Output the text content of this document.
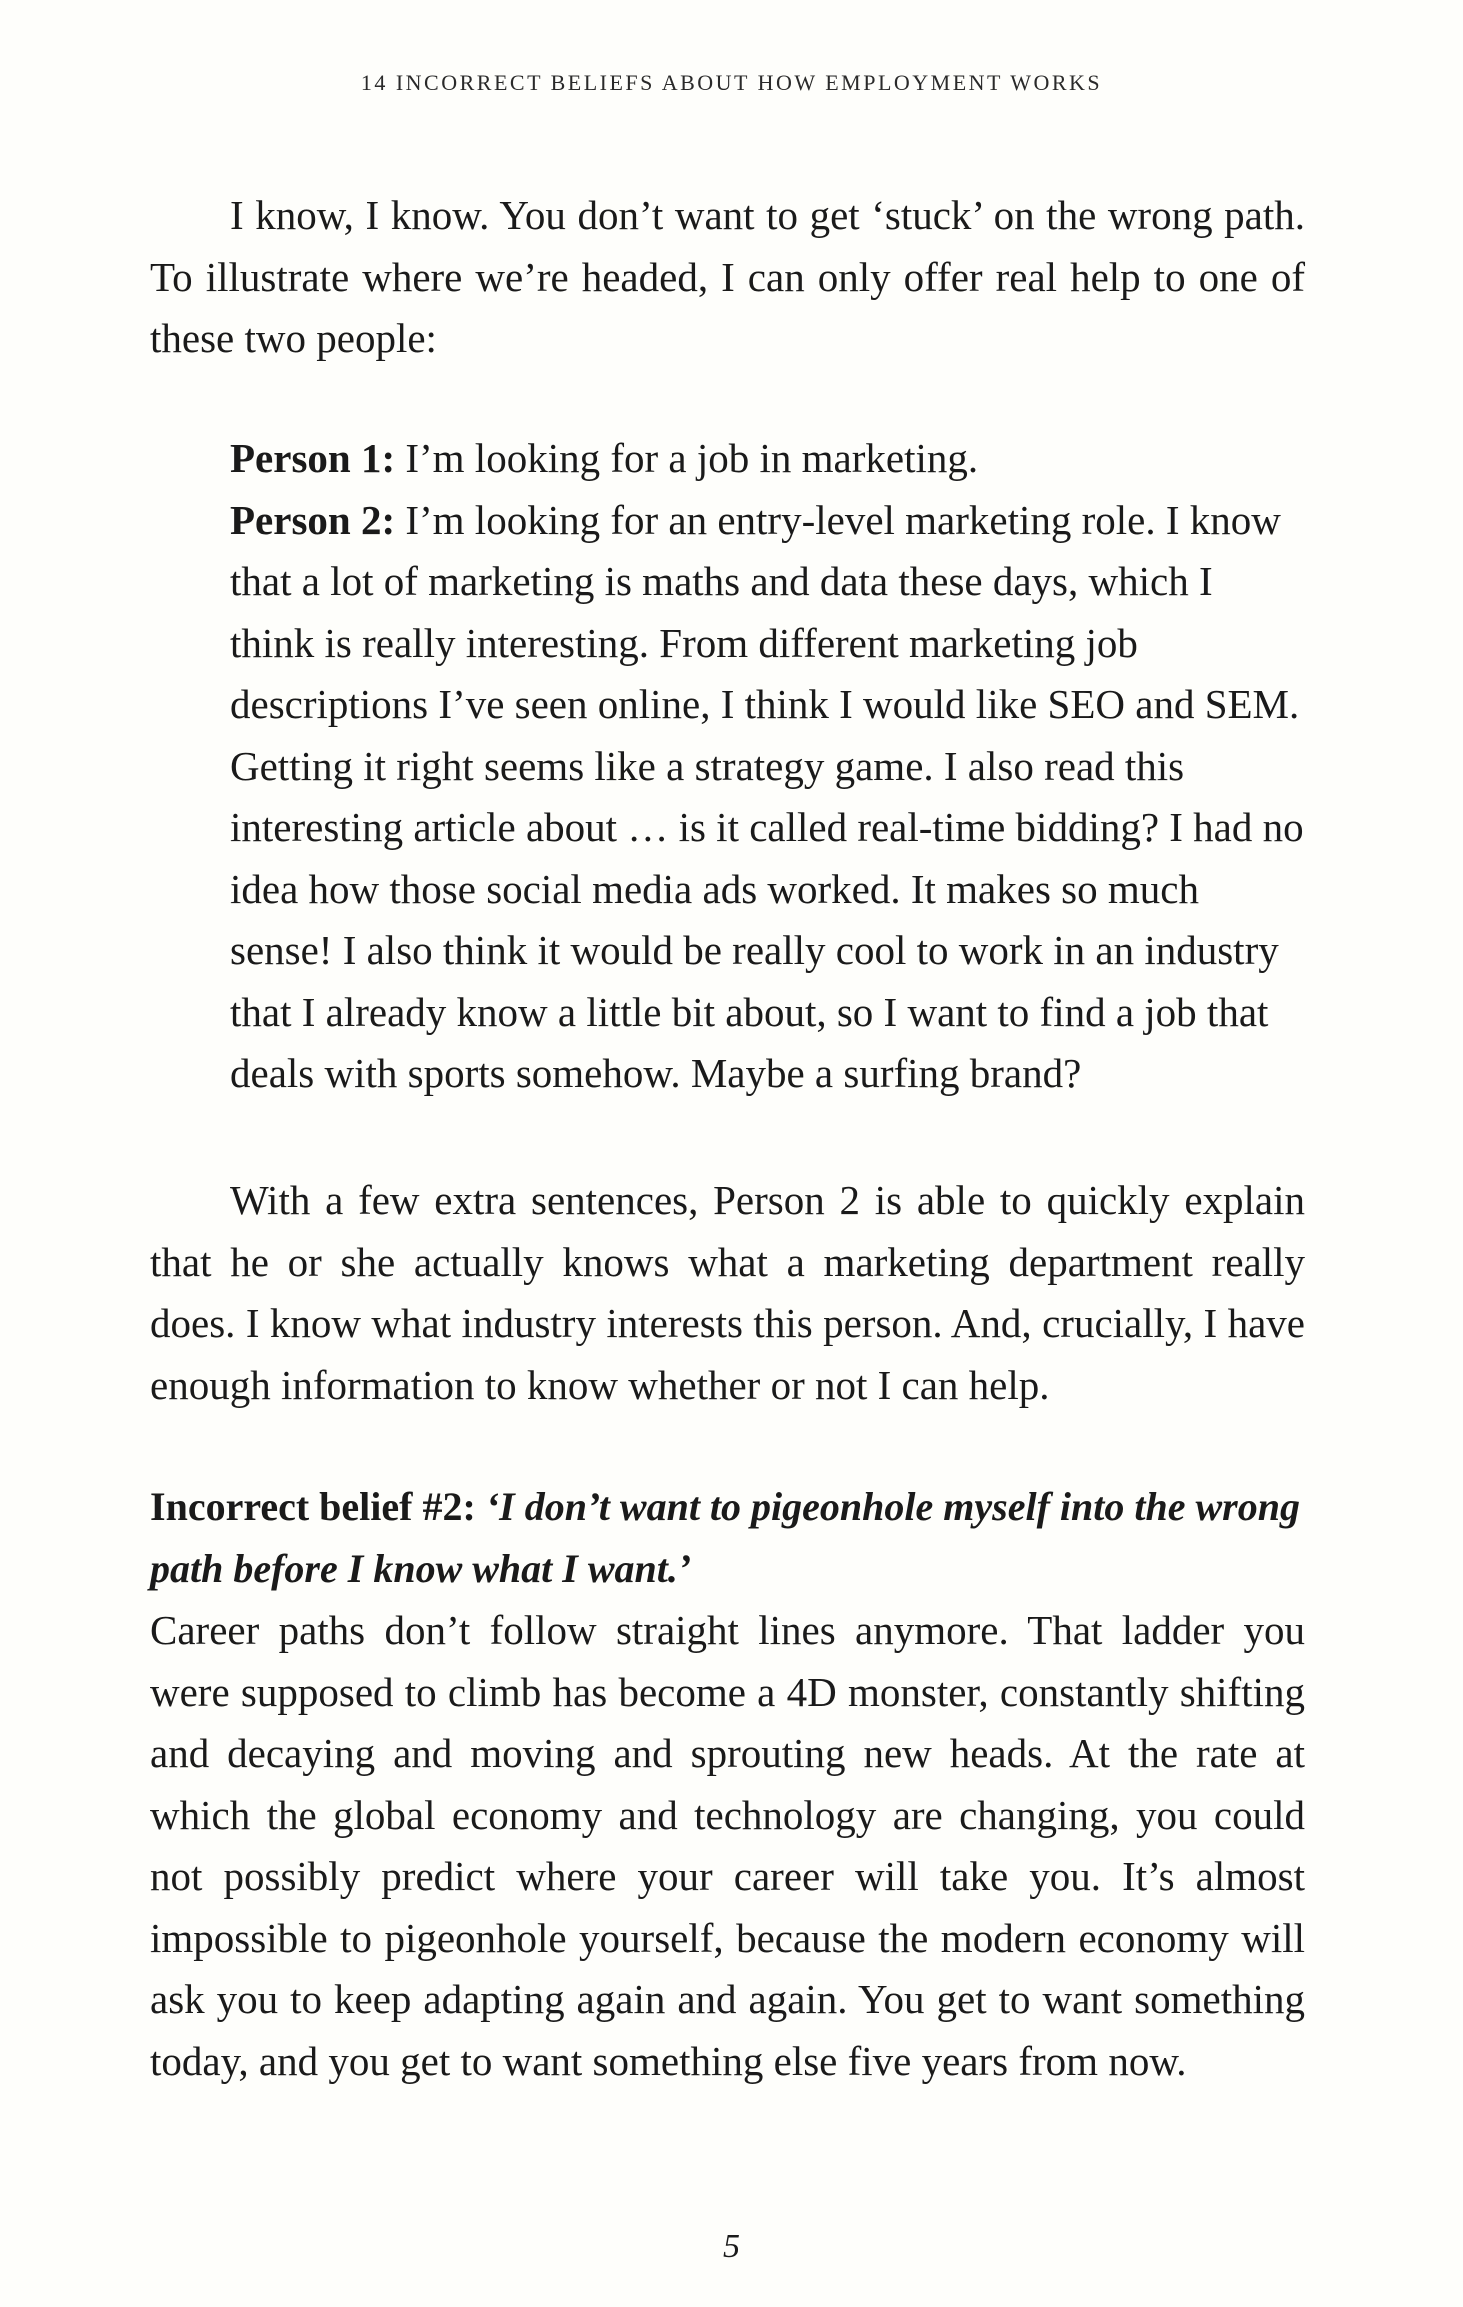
14 INCORRECT BELIEFS ABOUT HOW EMPLOYMENT WORKS

I know, I know. You don’t want to get ‘stuck’ on the wrong path. To illustrate where we’re headed, I can only offer real help to one of these two people:

Person 1: I’m looking for a job in marketing.

Person 2: I’m looking for an entry-level marketing role. I know that a lot of marketing is maths and data these days, which I think is really interesting. From different marketing job descriptions I’ve seen online, I think I would like SEO and SEM. Getting it right seems like a strategy game. I also read this interesting article about … is it called real-time bidding? I had no idea how those social media ads worked. It makes so much sense! I also think it would be really cool to work in an industry that I already know a little bit about, so I want to find a job that deals with sports somehow. Maybe a surfing brand?

With a few extra sentences, Person 2 is able to quickly explain that he or she actually knows what a marketing department really does. I know what industry interests this person. And, crucially, I have enough information to know whether or not I can help.

Incorrect belief #2: ‘I don’t want to pigeonhole myself into the wrong path before I know what I want.’

Career paths don’t follow straight lines anymore. That ladder you were supposed to climb has become a 4D monster, constantly shifting and decaying and moving and sprouting new heads. At the rate at which the global economy and technology are changing, you could not possibly predict where your career will take you. It’s almost impossible to pigeonhole yourself, because the modern economy will ask you to keep adapting again and again. You get to want something today, and you get to want something else five years from now.

5
